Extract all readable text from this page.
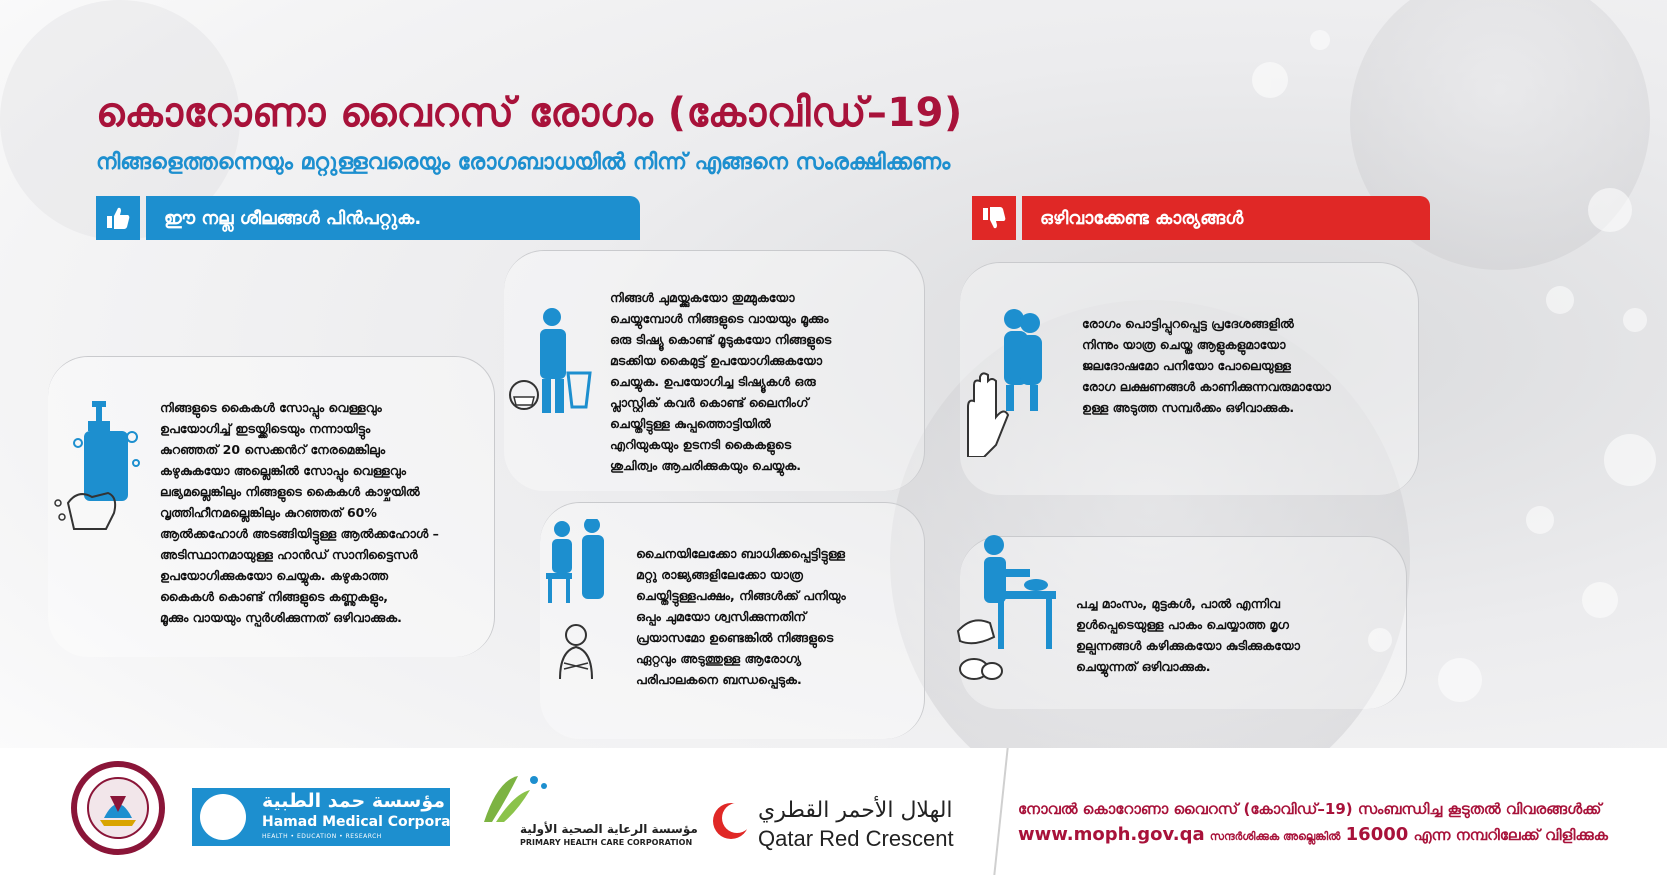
കൊറോണാ വൈറസ് രോഗം (കോവിഡ്–19)
നിങ്ങളെത്തന്നെയും മറ്റുള്ളവരെയും രോഗബാധയിൽ നിന്ന് എങ്ങനെ സംരക്ഷിക്കണം
ഈ നല്ല ശീലങ്ങൾ പിൻപറ്റുക.	ഒഴിവാക്കേണ്ട കാര്യങ്ങൾ
നിങ്ങളുടെ കൈകൾ സോപ്പും വെള്ളവും
ഉപയോഗിച്ച് ഇടയ്ക്കിടെയും നന്നായിട്ടും
കുറഞ്ഞത് 20 സെക്കൻറ് നേരമെങ്കിലും
കഴുകുകയോ അല്ലെങ്കിൽ സോപ്പും വെള്ളവും
ലഭ്യമല്ലെങ്കിലും നിങ്ങളുടെ കൈകൾ കാഴ്ചയിൽ
വൃത്തിഹീനമല്ലെങ്കിലും കുറഞ്ഞത് 60%
ആൽക്കഹോൾ അടങ്ങിയിട്ടുള്ള ആൽക്കഹോൾ –
അടിസ്ഥാനമായുള്ള ഹാൻഡ് സാനിട്ടൈസർ
ഉപയോഗിക്കുകയോ ചെയ്യുക. കഴുകാത്ത
കൈകൾ കൊണ്ട് നിങ്ങളുടെ കണ്ണുകളും,
മൂക്കും വായയും സ്പർശിക്കുന്നത് ഒഴിവാക്കുക.
നിങ്ങൾ ചുമയ്ക്കുകയോ തുമ്മുകയോ
ചെയ്യുമ്പോൾ നിങ്ങളുടെ വായയും മൂക്കും
ഒരു ടിഷ്യൂ കൊണ്ട് മൂടുകയോ നിങ്ങളുടെ
മടക്കിയ കൈമുട്ട് ഉപയോഗിക്കുകയോ
ചെയ്യുക. ഉപയോഗിച്ച ടിഷ്യൂകൾ ഒരു
പ്ലാസ്റ്റിക് കവർ കൊണ്ട് ലൈനിംഗ്
ചെയ്തിട്ടുള്ള കുപ്പത്തൊട്ടിയിൽ
എറിയുകയും ഉടനടി കൈകളുടെ
ശുചിത്വം ആചരിക്കുകയും ചെയ്യുക.
ചൈനയിലേക്കോ ബാധിക്കപ്പെട്ടിട്ടുള്ള
മറ്റു രാജ്യങ്ങളിലേക്കോ യാത്ര
ചെയ്തിട്ടുള്ളപക്ഷം, നിങ്ങൾക്ക് പനിയും
ഒപ്പം ചുമയോ ശ്വസിക്കുന്നതിന്
പ്രയാസമോ ഉണ്ടെങ്കിൽ നിങ്ങളുടെ
ഏറ്റവും അടുത്തുള്ള ആരോഗ്യ
പരിപാലകനെ ബന്ധപ്പെടുക.
രോഗം പൊട്ടിപ്പുറപ്പെട്ട പ്രദേശങ്ങളിൽ
നിന്നും യാത്ര ചെയ്ത ആളുകളുമായോ
ജലദോഷമോ പനിയോ പോലെയുള്ള
രോഗ ലക്ഷണങ്ങൾ കാണിക്കുന്നവരുമായോ
ഉള്ള അടുത്ത സമ്പർക്കം ഒഴിവാക്കുക.
പച്ച മാംസം, മുട്ടകൾ, പാൽ എന്നിവ
ഉൾപ്പെടെയുള്ള പാകം ചെയ്യാത്ത മൃഗ
ഉല്പന്നങ്ങൾ കഴിക്കുകയോ കുടിക്കുകയോ
ചെയ്യുന്നത് ഒഴിവാക്കുക.
مؤسسة حمد الطبية
Hamad Medical Corporation
HEALTH • EDUCATION • RESEARCH
مؤسسة الرعاية الصحية الأولية
PRIMARY HEALTH CARE CORPORATION
الهلال الأحمر القطري
Qatar Red Crescent
നോവൽ കൊറോണാ വൈറസ് (കോവിഡ്–19) സംബന്ധിച്ച കൂടുതൽ വിവരങ്ങൾക്ക്
www.moph.gov.qa സന്ദർശിക്കുക അല്ലെങ്കിൽ 16000 എന്ന നമ്പറിലേക്ക് വിളിക്കുക
